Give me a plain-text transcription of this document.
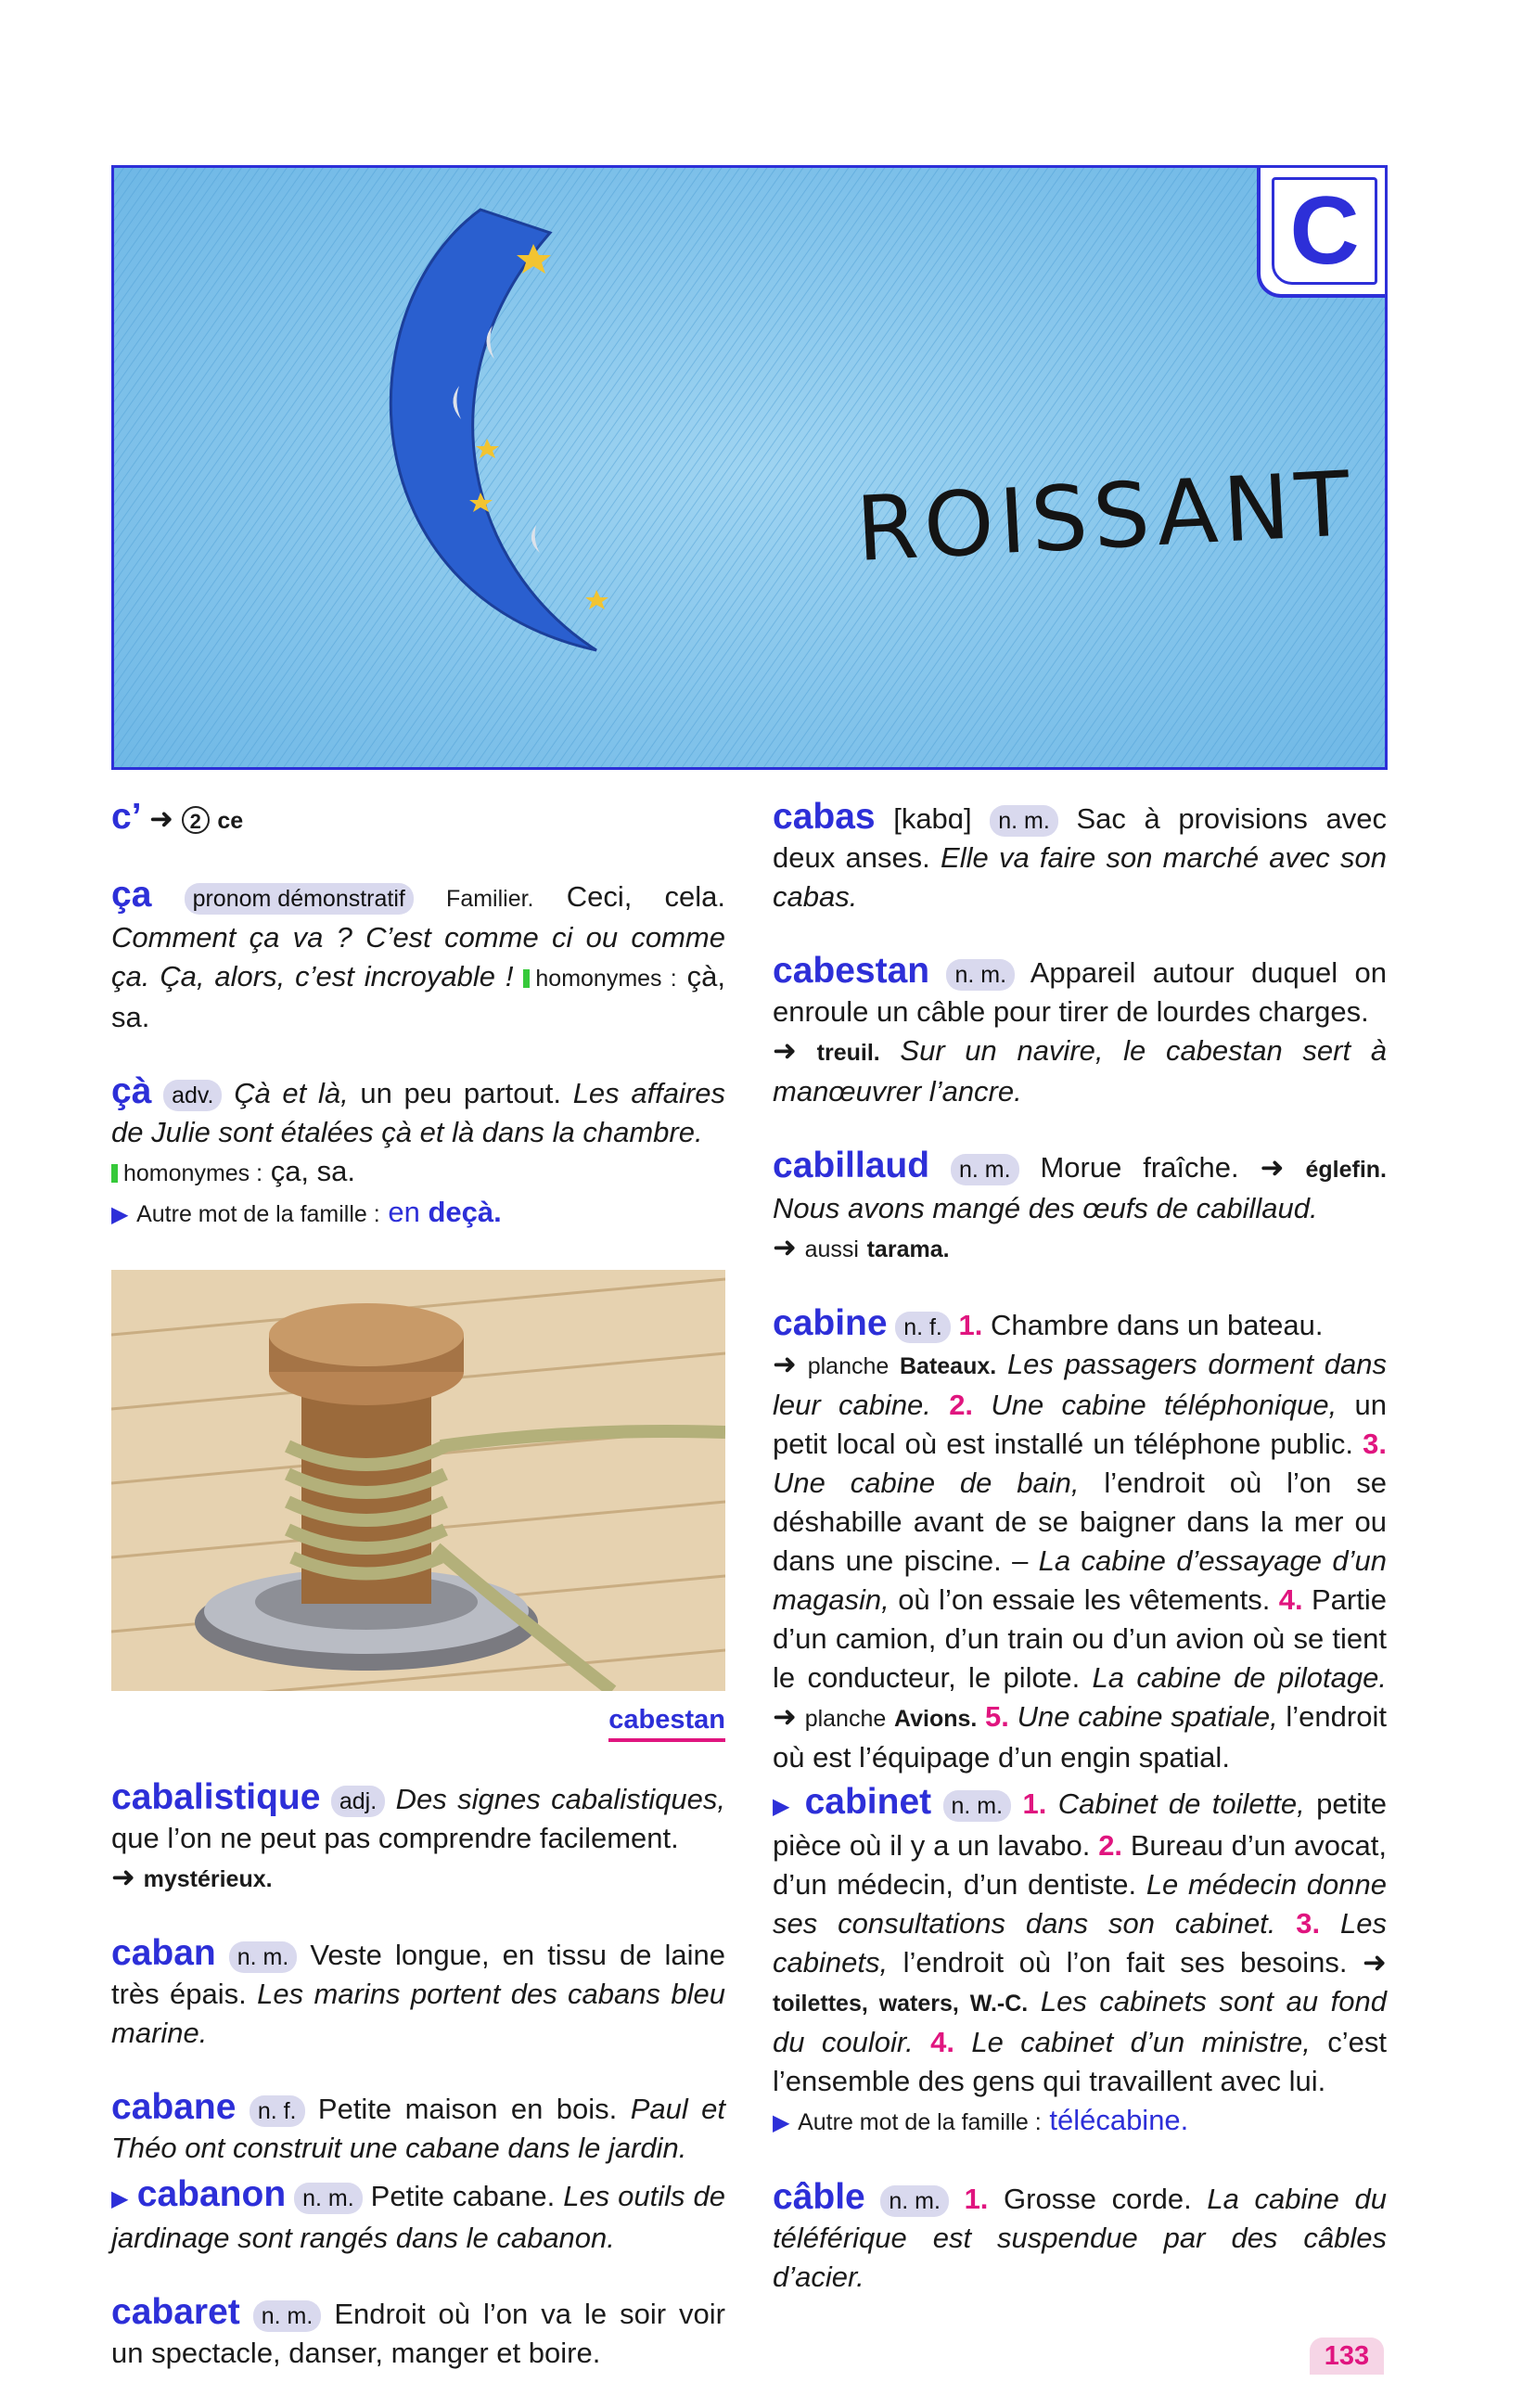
ROISSANT
C
c’ ➜ 2 ce
ça pronom démonstratif Familier. Ceci, cela. Comment ça va ? C’est comme ci ou comme ça. Ça, alors, c’est incroyable ! homonymes : çà, sa.
çà adv. Çà et là, un peu partout. Les affaires de Julie sont étalées çà et là dans la chambre.
homonymes : ça, sa.
▶ Autre mot de la famille : en deçà.
cabestan
cabalistique adj. Des signes cabalistiques, que l’on ne peut pas comprendre facilement.
➜ mystérieux.
caban n. m. Veste longue, en tissu de laine très épais. Les marins portent des cabans bleu marine.
cabane n. f. Petite maison en bois. Paul et Théo ont construit une cabane dans le jardin.
▶ cabanon n. m. Petite cabane. Les outils de jardinage sont rangés dans le cabanon.
cabaret n. m. Endroit où l’on va le soir voir un spectacle, danser, manger et boire.
cabas [kabɑ] n. m. Sac à provisions avec deux anses. Elle va faire son marché avec son cabas.
cabestan n. m. Appareil autour duquel on enroule un câble pour tirer de lourdes charges.
➜ treuil. Sur un navire, le cabestan sert à manœuvrer l’ancre.
cabillaud n. m. Morue fraîche. ➜ églefin. Nous avons mangé des œufs de cabillaud.
➜ aussi tarama.
cabine n. f. 1. Chambre dans un bateau.
➜ planche Bateaux. Les passagers dorment dans leur cabine. 2. Une cabine téléphonique, un petit local où est installé un téléphone public. 3. Une cabine de bain, l’endroit où l’on se déshabille avant de se baigner dans la mer ou dans une piscine. – La cabine d’essayage d’un magasin, où l’on essaie les vêtements. 4. Partie d’un camion, d’un train ou d’un avion où se tient le conducteur, le pilote. La cabine de pilotage. ➜ planche Avions. 5. Une cabine spatiale, l’endroit où est l’équipage d’un engin spatial.
▶ cabinet n. m. 1. Cabinet de toilette, petite pièce où il y a un lavabo. 2. Bureau d’un avocat, d’un médecin, d’un dentiste. Le médecin donne ses consultations dans son cabinet. 3. Les cabinets, l’endroit où l’on fait ses besoins. ➜ toilettes, waters, W.-C. Les cabinets sont au fond du couloir. 4. Le cabinet d’un ministre, c’est l’ensemble des gens qui travaillent avec lui.
▶ Autre mot de la famille : télécabine.
câble n. m. 1. Grosse corde. La cabine du téléférique est suspendue par des câbles d’acier.
133
